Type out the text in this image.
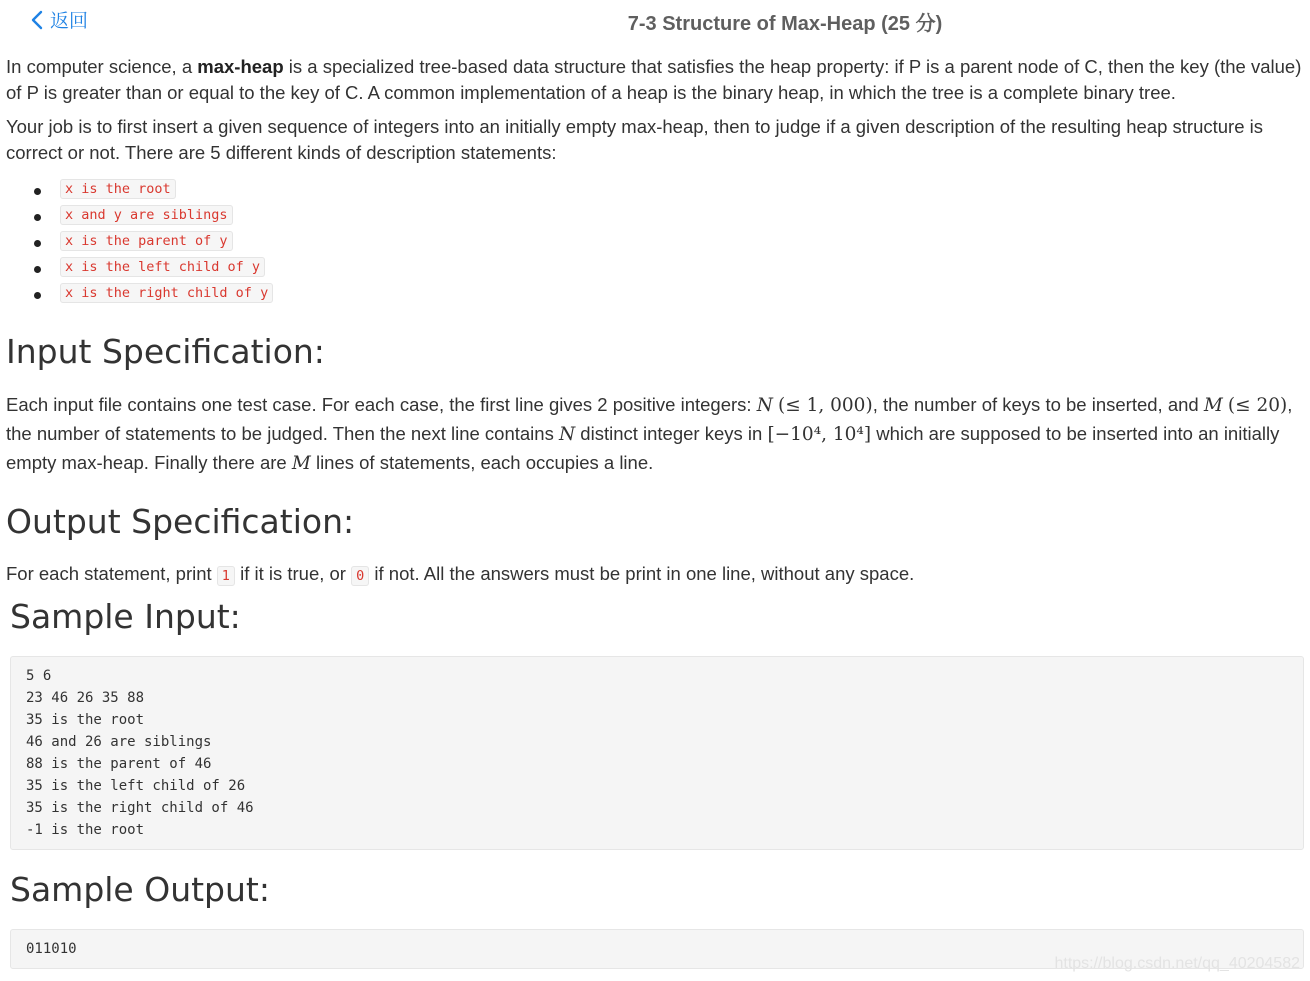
返回	7-3 Structure of Max-Heap (25 分)

In computer science, a max-heap is a specialized tree-based data structure that satisfies the heap property: if P is a parent node of C, then the key (the value) of P is greater than or equal to the key of C. A common implementation of a heap is the binary heap, in which the tree is a complete binary tree.

Your job is to first insert a given sequence of integers into an initially empty max-heap, then to judge if a given description of the resulting heap structure is correct or not. There are 5 different kinds of description statements:

x is the root
x and y are siblings
x is the parent of y
x is the left child of y
x is the right child of y
Input Specification:

Each input file contains one test case. For each case, the first line gives 2 positive integers: N (≤ 1, 000), the number of keys to be inserted, and M (≤ 20), the number of statements to be judged. Then the next line contains N distinct integer keys in [−10⁴, 10⁴] which are supposed to be inserted into an initially empty max-heap. Finally there are M lines of statements, each occupies a line.

Output Specification:

For each statement, print 1 if it is true, or 0 if not. All the answers must be print in one line, without any space.

Sample Input:
5 6
23 46 26 35 88
35 is the root
46 and 26 are siblings
88 is the parent of 46
35 is the left child of 26
35 is the right child of 46
-1 is the root
Sample Output:
011010
https://blog.csdn.net/qq_40204582
